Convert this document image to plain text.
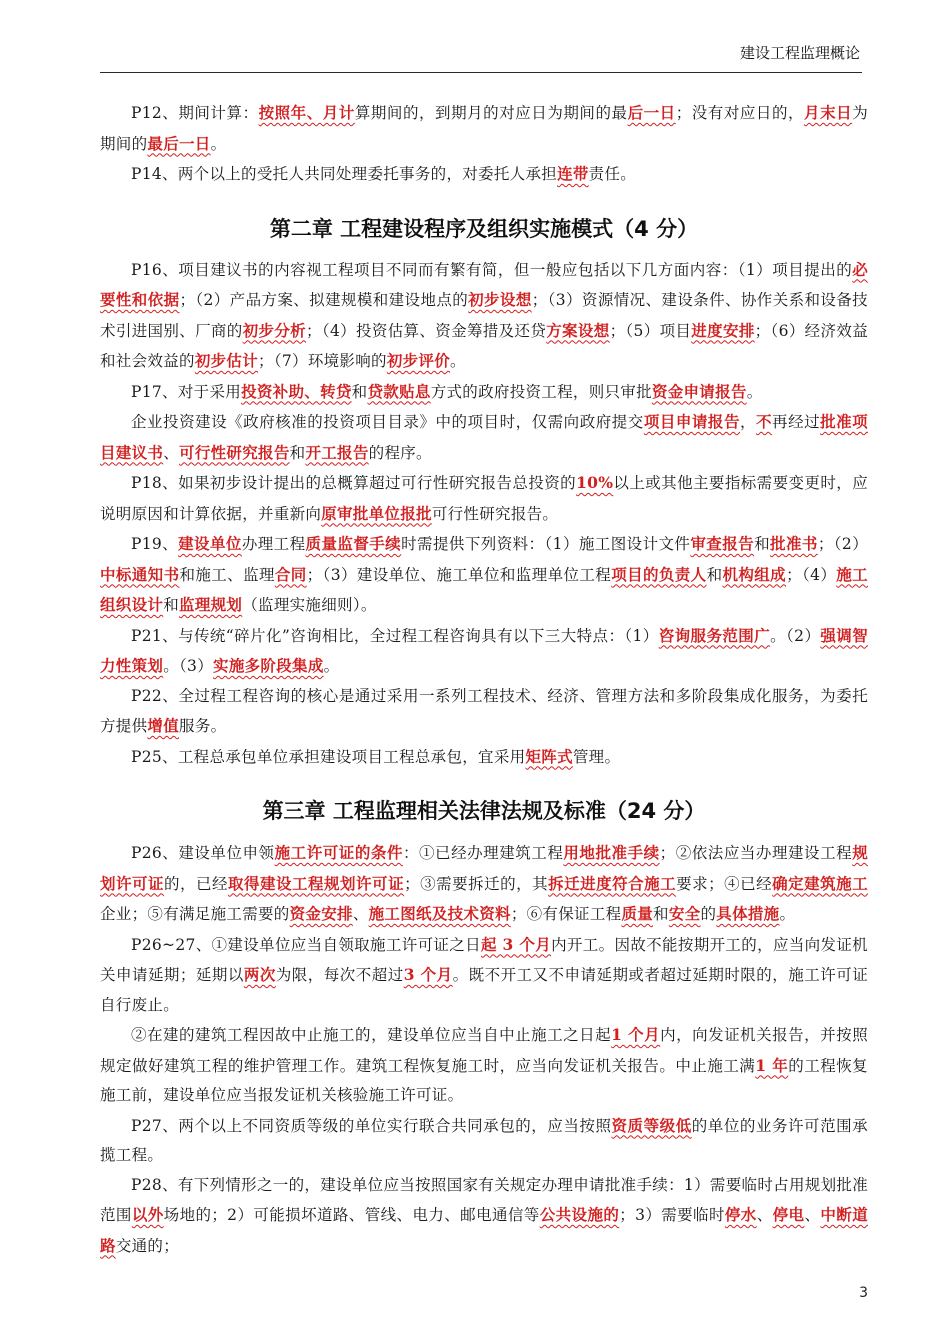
建设工程监理概论

P12、期间计算：按照年、月计算期间的，到期月的对应日为期间的最后一日；没有对应日的，月末日为期间的最后一日。

P14、两个以上的受托人共同处理委托事务的，对委托人承担连带责任。

第二章 工程建设程序及组织实施模式（4 分）

P16、项目建议书的内容视工程项目不同而有繁有简，但一般应包括以下几方面内容：（1）项目提出的必要性和依据；（2）产品方案、拟建规模和建设地点的初步设想；（3）资源情况、建设条件、协作关系和设备技术引进国别、厂商的初步分析；（4）投资估算、资金筹措及还贷方案设想；（5）项目进度安排；（6）经济效益和社会效益的初步估计；（7）环境影响的初步评价。

P17、对于采用投资补助、转贷和贷款贴息方式的政府投资工程，则只审批资金申请报告。

企业投资建设《政府核准的投资项目目录》中的项目时，仅需向政府提交项目申请报告，不再经过批准项目建议书、可行性研究报告和开工报告的程序。

P18、如果初步设计提出的总概算超过可行性研究报告总投资的10%以上或其他主要指标需要变更时，应说明原因和计算依据，并重新向原审批单位报批可行性研究报告。

P19、建设单位办理工程质量监督手续时需提供下列资料：（1）施工图设计文件审查报告和批准书；（2）中标通知书和施工、监理合同；（3）建设单位、施工单位和监理单位工程项目的负责人和机构组成；（4）施工组织设计和监理规划（监理实施细则）。

P21、与传统“碎片化”咨询相比，全过程工程咨询具有以下三大特点：（1）咨询服务范围广。（2）强调智力性策划。（3）实施多阶段集成。

P22、全过程工程咨询的核心是通过采用一系列工程技术、经济、管理方法和多阶段集成化服务，为委托方提供增值服务。

P25、工程总承包单位承担建设项目工程总承包，宜采用矩阵式管理。

第三章 工程监理相关法律法规及标准（24 分）

P26、建设单位申领施工许可证的条件：①已经办理建筑工程用地批准手续；②依法应当办理建设工程规划许可证的，已经取得建设工程规划许可证；③需要拆迁的，其拆迁进度符合施工要求；④已经确定建筑施工企业；⑤有满足施工需要的资金安排、施工图纸及技术资料；⑥有保证工程质量和安全的具体措施。

P26~27、①建设单位应当自领取施工许可证之日起 3 个月内开工。因故不能按期开工的，应当向发证机关申请延期；延期以两次为限，每次不超过3 个月。既不开工又不申请延期或者超过延期时限的，施工许可证自行废止。

②在建的建筑工程因故中止施工的，建设单位应当自中止施工之日起1 个月内，向发证机关报告，并按照规定做好建筑工程的维护管理工作。建筑工程恢复施工时，应当向发证机关报告。中止施工满1 年的工程恢复施工前，建设单位应当报发证机关核验施工许可证。

P27、两个以上不同资质等级的单位实行联合共同承包的，应当按照资质等级低的单位的业务许可范围承揽工程。

P28、有下列情形之一的，建设单位应当按照国家有关规定办理申请批准手续：1）需要临时占用规划批准范围以外场地的；2）可能损坏道路、管线、电力、邮电通信等公共设施的；3）需要临时停水、停电、中断道路交通的；

3
